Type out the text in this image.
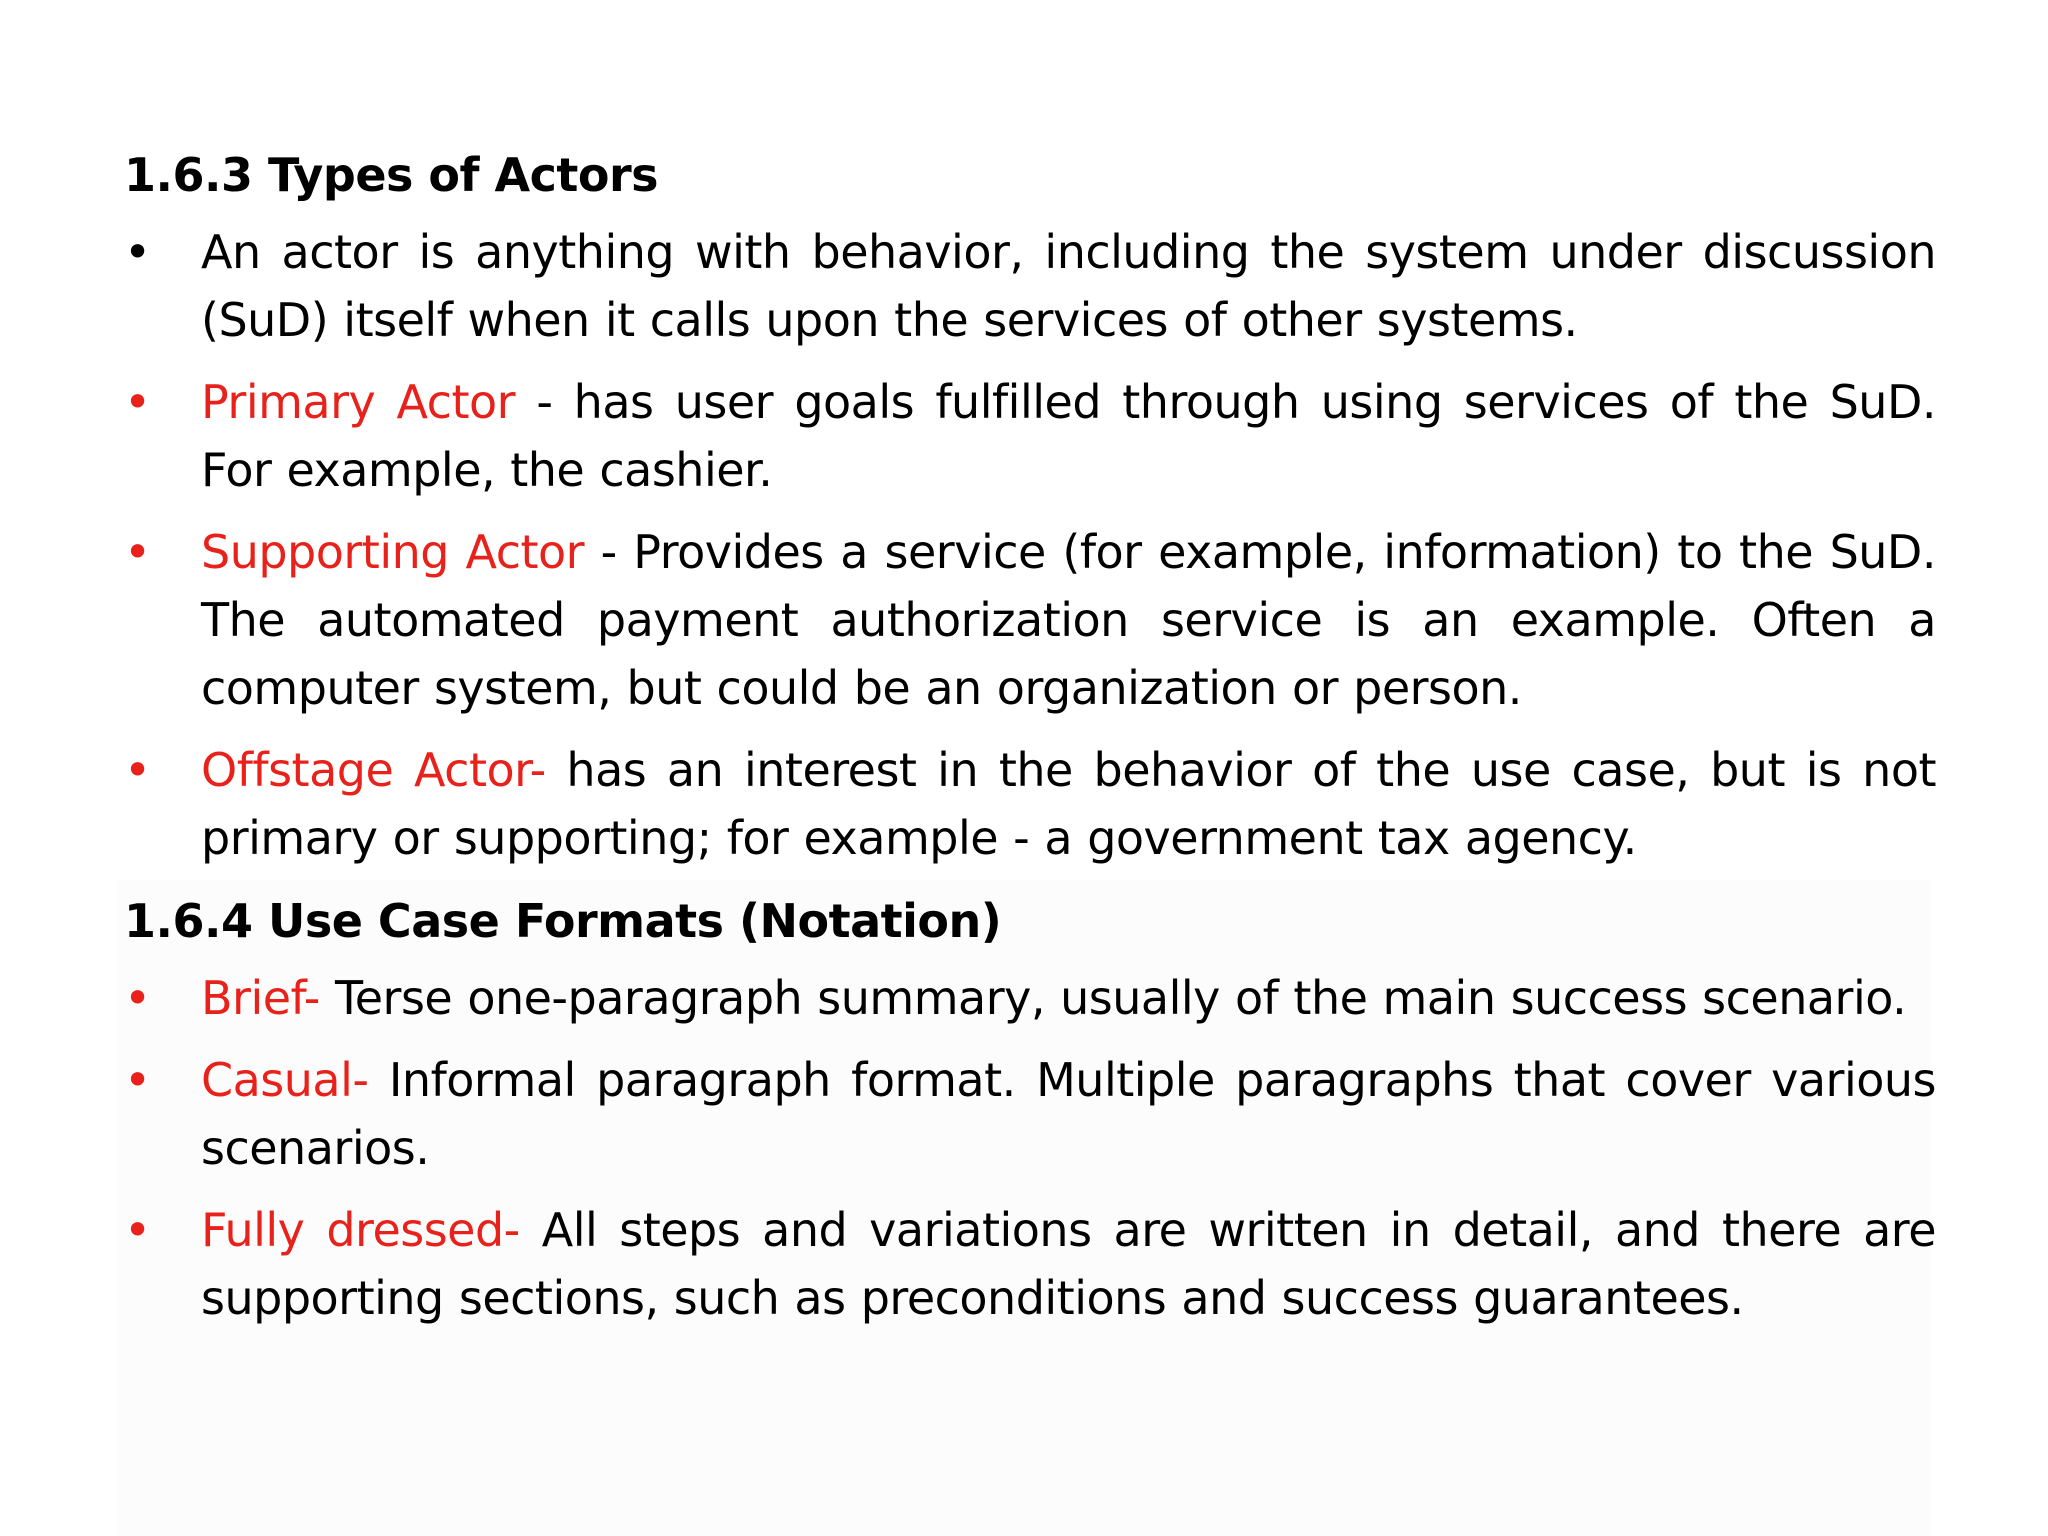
1.6.3 Types of Actors
• An actor is anything with behavior, including the system under discussion (SuD) itself when it calls upon the services of other systems.
• Primary Actor - has user goals fulfilled through using services of the SuD. For example, the cashier.
• Supporting Actor - Provides a service (for example, information) to the SuD. The automated payment authorization service is an example. Often a computer system, but could be an organization or person.
• Offstage Actor- has an interest in the behavior of the use case, but is not primary or supporting; for example - a government tax agency.
1.6.4 Use Case Formats (Notation)
• Brief- Terse one-paragraph summary, usually of the main success scenario.
• Casual- Informal paragraph format. Multiple paragraphs that cover various scenarios.
• Fully dressed- All steps and variations are written in detail, and there are supporting sections, such as preconditions and success guarantees.
